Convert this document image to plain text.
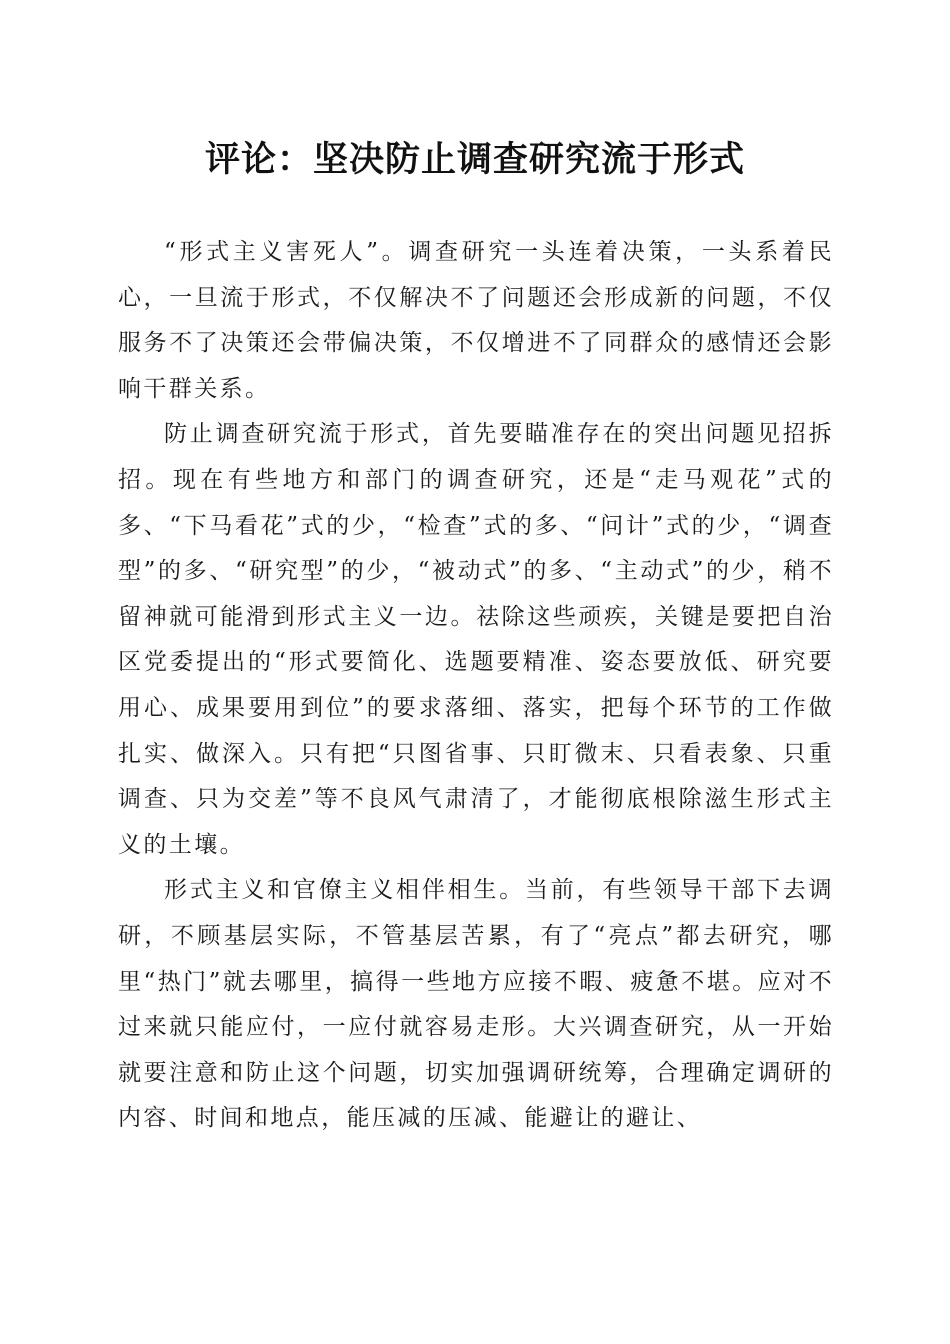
评论：坚决防止调查研究流于形式

“形式主义害死人”。调查研究一头连着决策，一头系着民心，一旦流于形式，不仅解决不了问题还会形成新的问题，不仅服务不了决策还会带偏决策，不仅增进不了同群众的感情还会影响干群关系。

防止调查研究流于形式，首先要瞄准存在的突出问题见招拆招。现在有些地方和部门的调查研究，还是“走马观花”式的多、“下马看花”式的少，“检查”式的多、“问计”式的少，“调查型”的多、“研究型”的少，“被动式”的多、“主动式”的少，稍不留神就可能滑到形式主义一边。祛除这些顽疾，关键是要把自治区党委提出的“形式要简化、选题要精准、姿态要放低、研究要用心、成果要用到位”的要求落细、落实，把每个环节的工作做扎实、做深入。只有把“只图省事、只盯微末、只看表象、只重调查、只为交差”等不良风气肃清了，才能彻底根除滋生形式主义的土壤。

形式主义和官僚主义相伴相生。当前，有些领导干部下去调研，不顾基层实际，不管基层苦累，有了“亮点”都去研究，哪里“热门”就去哪里，搞得一些地方应接不暇、疲惫不堪。应对不过来就只能应付，一应付就容易走形。大兴调查研究，从一开始就要注意和防止这个问题，切实加强调研统筹，合理确定调研的内容、时间和地点，能压减的压减、能避让的避让、
